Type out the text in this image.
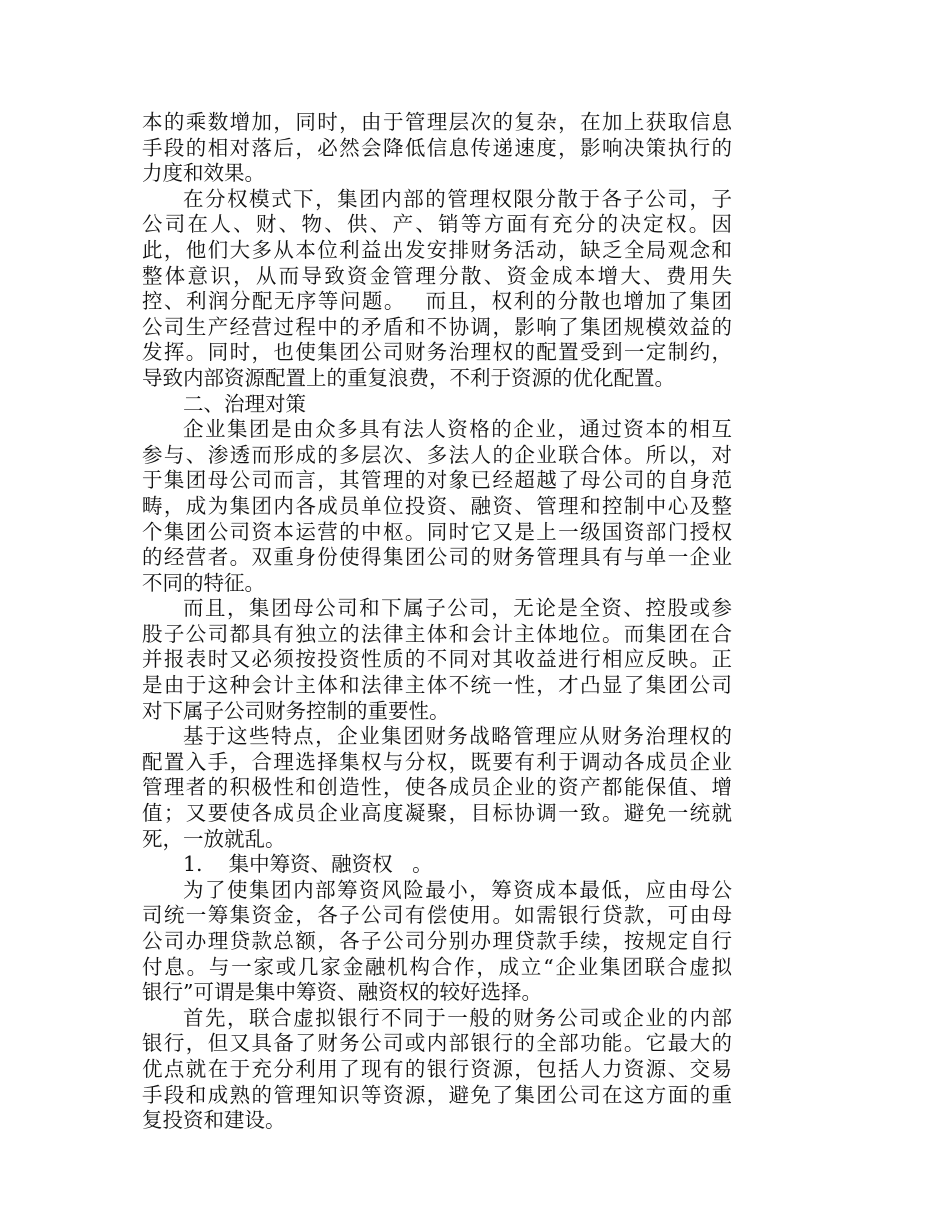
本的乘数增加，同时，由于管理层次的复杂，在加上获取信息
手段的相对落后，必然会降低信息传递速度，影响决策执行的
力度和效果。
在分权模式下，集团内部的管理权限分散于各子公司，子
公司在人、财、物、供、产、销等方面有充分的决定权。因
此，他们大多从本位利益出发安排财务活动，缺乏全局观念和
整体意识，从而导致资金管理分散、资金成本增大、费用失
控、利润分配无序等问题。　 而且，权利的分散也增加了集团
公司生产经营过程中的矛盾和不协调，影响了集团规模效益的
发挥。同时，也使集团公司财务治理权的配置受到一定制约，
导致内部资源配置上的重复浪费，不利于资源的优化配置。
二、治理对策
企业集团是由众多具有法人资格的企业，通过资本的相互
参与、渗透而形成的多层次、多法人的企业联合体。所以，对
于集团母公司而言，其管理的对象已经超越了母公司的自身范
畴，成为集团内各成员单位投资、融资、管理和控制中心及整
个集团公司资本运营的中枢。同时它又是上一级国资部门授权
的经营者。双重身份使得集团公司的财务管理具有与单一企业
不同的特征。
而且，集团母公司和下属子公司，无论是全资、控股或参
股子公司都具有独立的法律主体和会计主体地位。而集团在合
并报表时又必须按投资性质的不同对其收益进行相应反映。正
是由于这种会计主体和法律主体不统一性，才凸显了集团公司
对下属子公司财务控制的重要性。
基于这些特点，企业集团财务战略管理应从财务治理权的
配置入手，合理选择集权与分权，既要有利于调动各成员企业
管理者的积极性和创造性，使各成员企业的资产都能保值、增
值；又要使各成员企业高度凝聚，目标协调一致。避免一统就
死，一放就乱。
1.    集中筹资、融资权   。
为了使集团内部筹资风险最小，筹资成本最低，应由母公
司统一筹集资金，各子公司有偿使用。如需银行贷款，可由母
公司办理贷款总额，各子公司分别办理贷款手续，按规定自行
付息。与一家或几家金融机构合作，成立“企业集团联合虚拟
银行”可谓是集中筹资、融资权的较好选择。
首先，联合虚拟银行不同于一般的财务公司或企业的内部
银行，但又具备了财务公司或内部银行的全部功能。它最大的
优点就在于充分利用了现有的银行资源，包括人力资源、交易
手段和成熟的管理知识等资源，避免了集团公司在这方面的重
复投资和建设。
